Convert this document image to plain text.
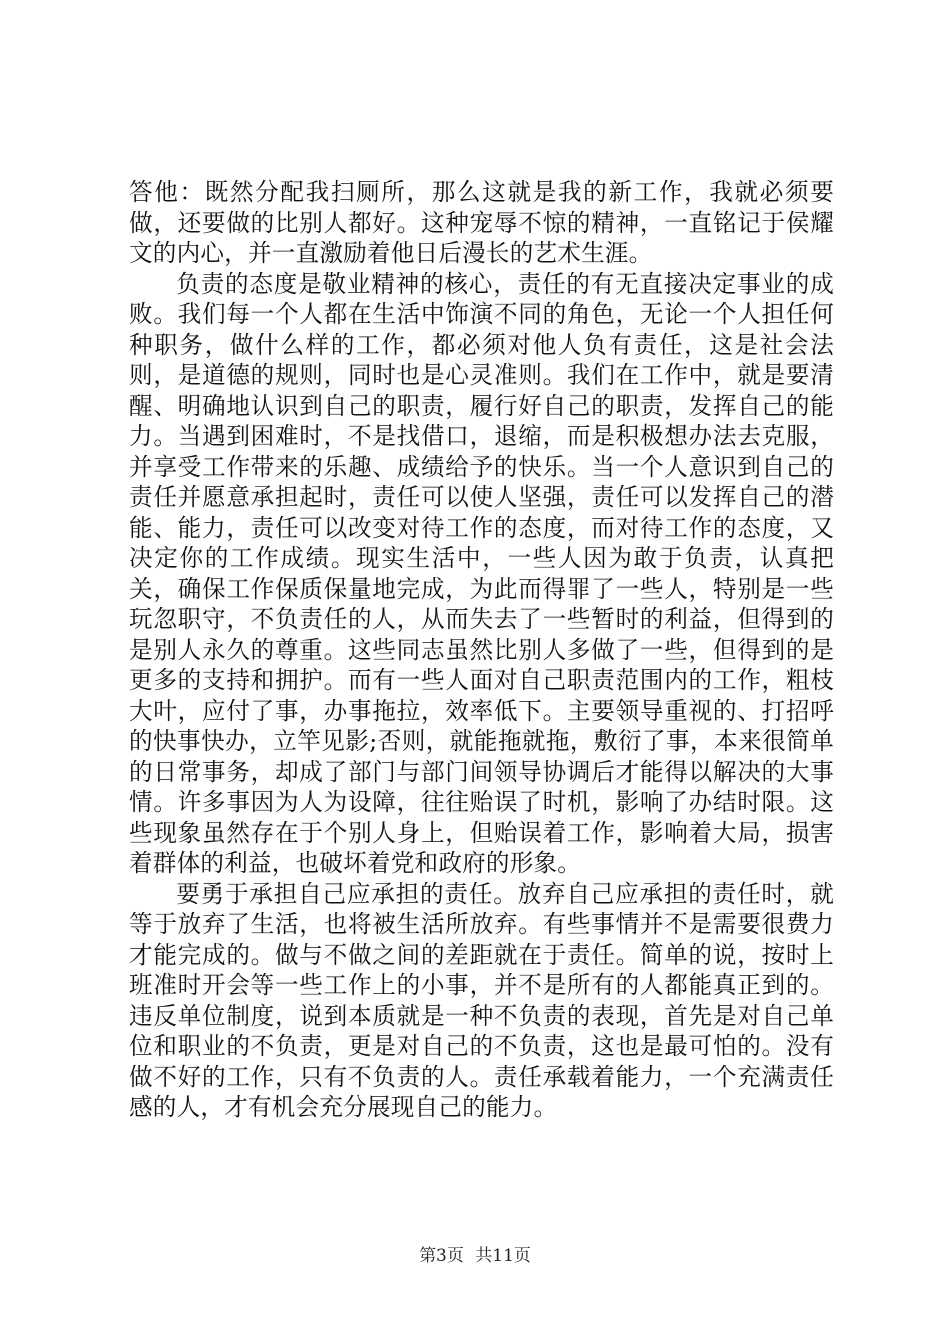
答他：既然分配我扫厕所，那么这就是我的新工作，我就必须要做，还要做的比别人都好。这种宠辱不惊的精神，一直铭记于侯耀文的内心，并一直激励着他日后漫长的艺术生涯。

负责的态度是敬业精神的核心，责任的有无直接决定事业的成败。我们每一个人都在生活中饰演不同的角色，无论一个人担任何种职务，做什么样的工作，都必须对他人负有责任，这是社会法则，是道德的规则，同时也是心灵准则。我们在工作中，就是要清醒、明确地认识到自己的职责，履行好自己的职责，发挥自己的能力。当遇到困难时，不是找借口，退缩，而是积极想办法去克服，并享受工作带来的乐趣、成绩给予的快乐。当一个人意识到自己的责任并愿意承担起时，责任可以使人坚强，责任可以发挥自己的潜能、能力，责任可以改变对待工作的态度，而对待工作的态度，又决定你的工作成绩。现实生活中，一些人因为敢于负责，认真把关，确保工作保质保量地完成，为此而得罪了一些人，特别是一些玩忽职守，不负责任的人，从而失去了一些暂时的利益，但得到的是别人永久的尊重。这些同志虽然比别人多做了一些，但得到的是更多的支持和拥护。而有一些人面对自己职责范围内的工作，粗枝大叶，应付了事，办事拖拉，效率低下。主要领导重视的、打招呼的快事快办，立竿见影;否则，就能拖就拖，敷衍了事，本来很简单的日常事务，却成了部门与部门间领导协调后才能得以解决的大事情。许多事因为人为设障，往往贻误了时机，影响了办结时限。这些现象虽然存在于个别人身上，但贻误着工作，影响着大局，损害着群体的利益，也破坏着党和政府的形象。

要勇于承担自己应承担的责任。放弃自己应承担的责任时，就等于放弃了生活，也将被生活所放弃。有些事情并不是需要很费力才能完成的。做与不做之间的差距就在于责任。简单的说，按时上班准时开会等一些工作上的小事，并不是所有的人都能真正到的。违反单位制度，说到本质就是一种不负责的表现，首先是对自己单位和职业的不负责，更是对自己的不负责，这也是最可怕的。没有做不好的工作，只有不负责的人。责任承载着能力，一个充满责任感的人，才有机会充分展现自己的能力。

第3页 共11页
